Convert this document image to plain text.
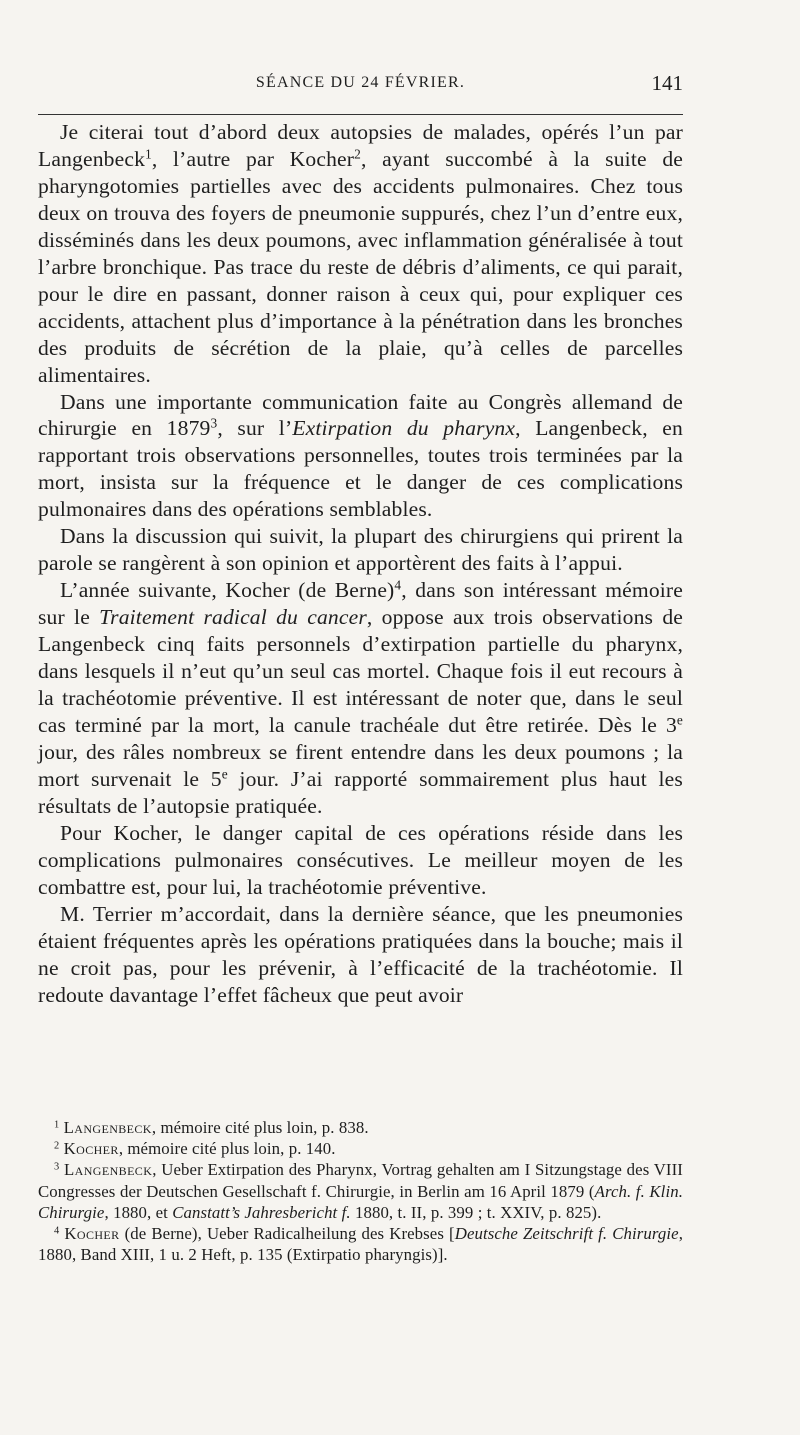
SÉANCE DU 24 FÉVRIER.	141

Je citerai tout d’abord deux autopsies de malades, opérés l’un par Langenbeck$^1$, l’autre par Kocher$^2$, ayant succombé à la suite de pharyngotomies partielles avec des accidents pulmonaires. Chez tous deux on trouva des foyers de pneumonie suppurés, chez l’un d’entre eux, disséminés dans les deux poumons, avec inflammation généralisée à tout l’arbre bronchique. Pas trace du reste de débris d’aliments, ce qui parait, pour le dire en passant, donner raison à ceux qui, pour expliquer ces accidents, attachent plus d’importance à la pénétration dans les bronches des produits de sécrétion de la plaie, qu’à celles de parcelles alimentaires.

Dans une importante communication faite au Congrès allemand de chirurgie en 1879$^3$, sur l’Extirpation du pharynx, Langenbeck, en rapportant trois observations personnelles, toutes trois terminées par la mort, insista sur la fréquence et le danger de ces complications pulmonaires dans des opérations semblables.

Dans la discussion qui suivit, la plupart des chirurgiens qui prirent la parole se rangèrent à son opinion et apportèrent des faits à l’appui.

L’année suivante, Kocher (de Berne)$^4$, dans son intéressant mémoire sur le Traitement radical du cancer, oppose aux trois observations de Langenbeck cinq faits personnels d’extirpation partielle du pharynx, dans lesquels il n’eut qu’un seul cas mortel. Chaque fois il eut recours à la trachéotomie préventive. Il est intéressant de noter que, dans le seul cas terminé par la mort, la canule trachéale dut être retirée. Dès le 3e jour, des râles nombreux se firent entendre dans les deux poumons ; la mort survenait le 5e jour. J’ai rapporté sommairement plus haut les résultats de l’autopsie pratiquée.

Pour Kocher, le danger capital de ces opérations réside dans les complications pulmonaires consécutives. Le meilleur moyen de les combattre est, pour lui, la trachéotomie préventive.

M. Terrier m’accordait, dans la dernière séance, que les pneumonies étaient fréquentes après les opérations pratiquées dans la bouche; mais il ne croit pas, pour les prévenir, à l’efficacité de la trachéotomie. Il redoute davantage l’effet fâcheux que peut avoir

$^1$ Langenbeck, mémoire cité plus loin, p. 838.

$^2$ Kocher, mémoire cité plus loin, p. 140.

$^3$ Langenbeck, Ueber Extirpation des Pharynx, Vortrag gehalten am I Sitzungstage des VIII Congresses der Deutschen Gesellschaft f. Chirurgie, in Berlin am 16 April 1879 (Arch. f. Klin. Chirurgie, 1880, et Canstatt’s Jahresbericht f. 1880, t. II, p. 399 ; t. XXIV, p. 825).

$^4$ Kocher (de Berne), Ueber Radicalheilung des Krebses [Deutsche Zeitschrift f. Chirurgie, 1880, Band XIII, 1 u. 2 Heft, p. 135 (Extirpatio pharyngis)].
